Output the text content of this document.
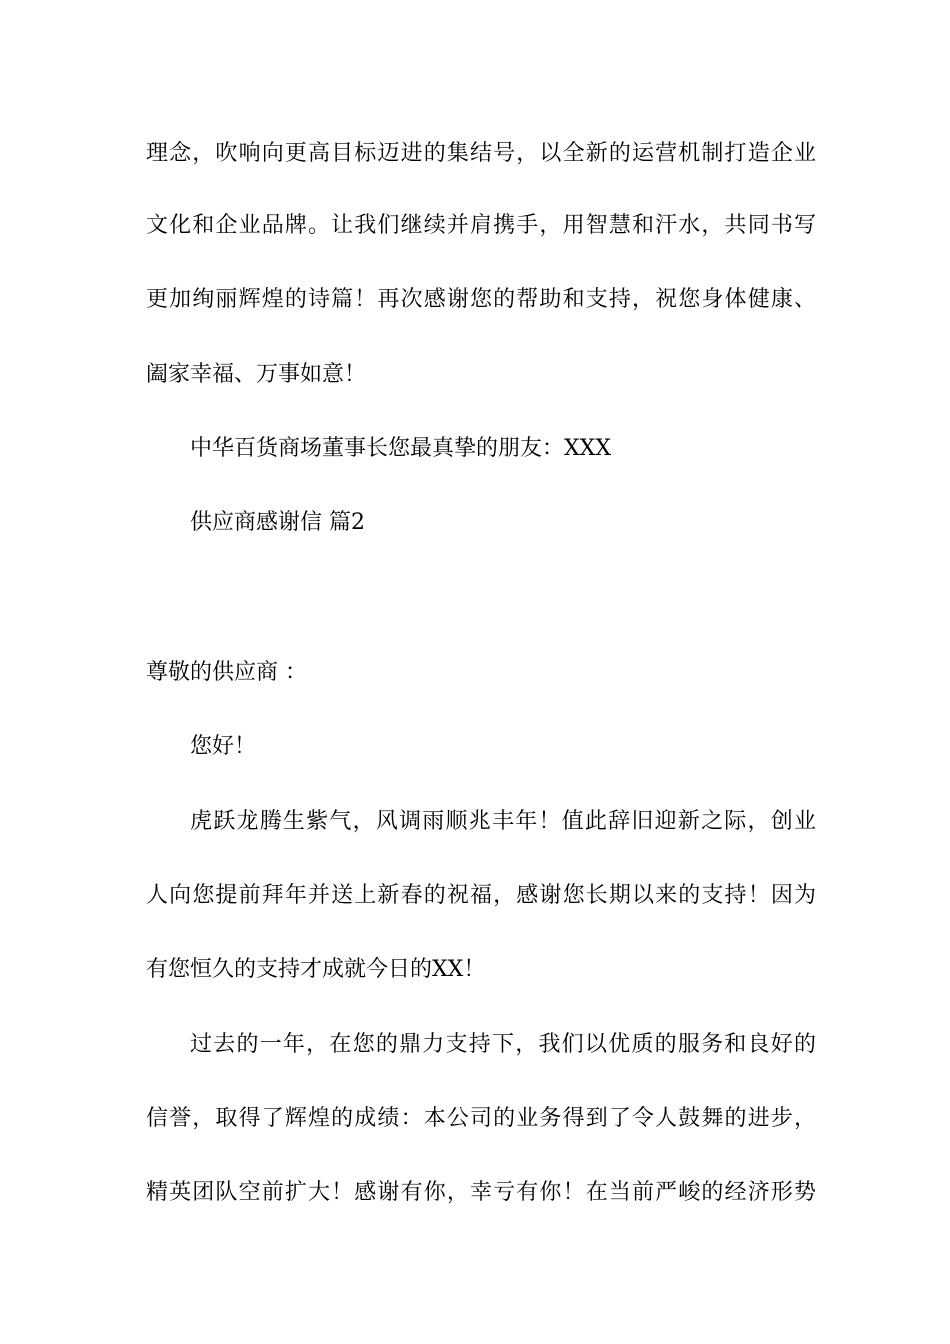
理念，吹响向更高目标迈进的集结号，以全新的运营机制打造企业
文化和企业品牌。让我们继续并肩携手，用智慧和汗水，共同书写
更加绚丽辉煌的诗篇！再次感谢您的帮助和支持，祝您身体健康、
阖家幸福、万事如意！
中华百货商场董事长您最真挚的朋友：XXX
供应商感谢信 篇2
尊敬的供应商 ：
您好！
虎跃龙腾生紫气，风调雨顺兆丰年！值此辞旧迎新之际，创业
人向您提前拜年并送上新春的祝福，感谢您长期以来的支持！因为
有您恒久的支持才成就今日的XX！
过去的一年，在您的鼎力支持下，我们以优质的服务和良好的
信誉，取得了辉煌的成绩：本公司的业务得到了令人鼓舞的进步，
精英团队空前扩大！感谢有你，幸亏有你！在当前严峻的经济形势
